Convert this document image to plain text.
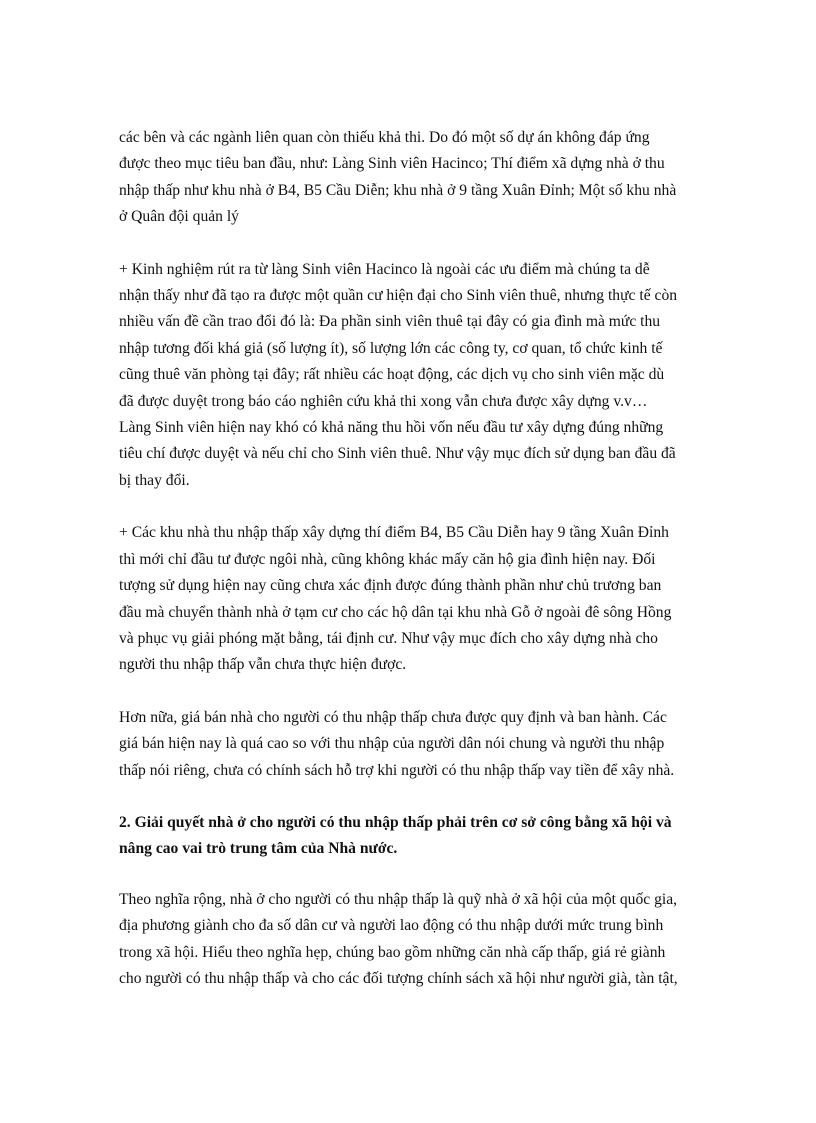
các bên và các ngành liên quan còn thiếu khả thi. Do đó một số dự án không đáp ứng
được theo mục tiêu ban đầu, như: Làng Sinh viên Hacinco; Thí điểm xã dựng nhà ở thu
nhập thấp như khu nhà ở B4, B5 Cầu Diễn; khu nhà ở 9 tầng Xuân Đỉnh; Một số khu nhà
ở Quân đội quản lý

+ Kinh nghiệm rút ra từ làng Sinh viên Hacinco là ngoài các ưu điểm mà chúng ta dễ
nhận thấy như đã tạo ra được một quần cư hiện đại cho Sinh viên thuê, nhưng thực tế còn
nhiều vấn đề cần trao đổi đó là: Đa phần sinh viên thuê tại đây có gia đình mà mức thu
nhập tương đối khá giả (số lượng ít), số lượng lớn các công ty, cơ quan, tổ chức kinh tế
cũng thuê văn phòng tại đây; rất nhiều các hoạt động, các dịch vụ cho sinh viên mặc dù
đã được duyệt trong báo cáo nghiên cứu khả thi xong vẫn chưa được xây dựng v.v…
Làng Sinh viên hiện nay khó có khả năng thu hồi vốn nếu đầu tư xây dựng đúng những
tiêu chí được duyệt và nếu chỉ cho Sinh viên thuê. Như vậy mục đích sử dụng ban đầu đã
bị thay đổi.

+ Các khu nhà thu nhập thấp xây dựng thí điểm B4, B5 Cầu Diễn hay 9 tầng Xuân Đỉnh
thì mới chỉ đầu tư được ngôi nhà, cũng không khác mấy căn hộ gia đình hiện nay. Đối
tượng sử dụng hiện nay cũng chưa xác định được đúng thành phần như chủ trương ban
đầu mà chuyển thành nhà ở tạm cư cho các hộ dân tại khu nhà Gỗ ở ngoài đê sông Hồng
và phục vụ giải phóng mặt bằng, tái định cư. Như vậy mục đích cho xây dựng nhà cho
người thu nhập thấp vẫn chưa thực hiện được.

Hơn nữa, giá bán nhà cho người có thu nhập thấp chưa được quy định và ban hành. Các
giá bán hiện nay là quá cao so với thu nhập của người dân nói chung và người thu nhập
thấp nói riêng, chưa có chính sách hỗ trợ khi người có thu nhập thấp vay tiền để xây nhà.

2. Giải quyết nhà ở cho người có thu nhập thấp phải trên cơ sở công bằng xã hội và
nâng cao vai trò trung tâm của Nhà nước.

Theo nghĩa rộng, nhà ở cho người có thu nhập thấp là quỹ nhà ở xã hội của một quốc gia,
địa phương giành cho đa số dân cư và người lao động có thu nhập dưới mức trung bình
trong xã hội. Hiểu theo nghĩa hẹp, chúng bao gồm những căn nhà cấp thấp, giá rẻ giành
cho người có thu nhập thấp và cho các đối tượng chính sách xã hội như người già, tàn tật,
